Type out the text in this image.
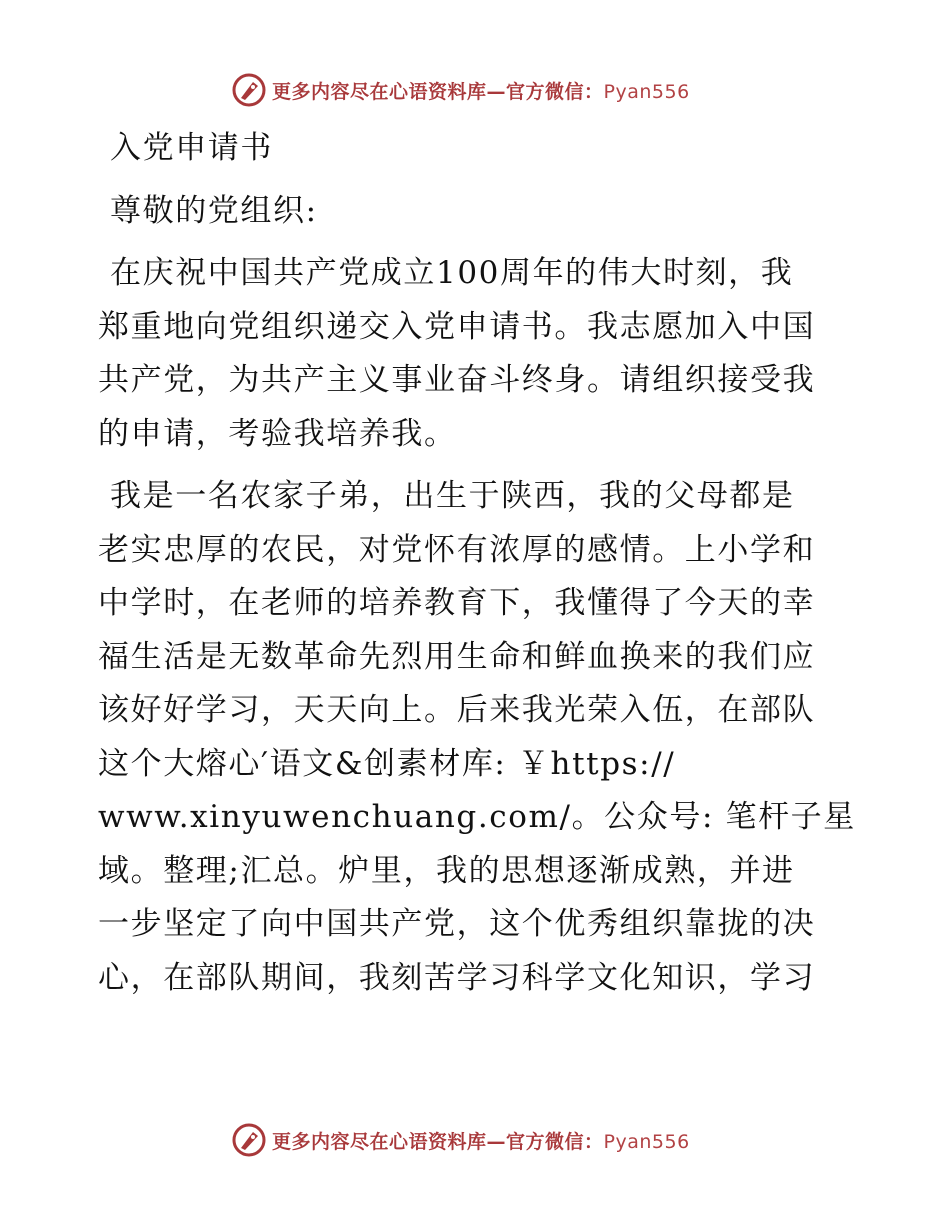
更多内容尽在心语资料库—官方微信：Pyan556
入党申请书
尊敬的党组织:
在庆祝中国共产党成立100周年的伟大时刻，我
郑重地向党组织递交入党申请书。我志愿加入中国
共产党，为共产主义事业奋斗终身。请组织接受我
的申请，考验我培养我。
我是一名农家子弟，出生于陕西，我的父母都是
老实忠厚的农民，对党怀有浓厚的感情。上小学和
中学时，在老师的培养教育下，我懂得了今天的幸
福生活是无数革命先烈用生命和鲜血换来的我们应
该好好学习，天天向上。后来我光荣入伍，在部队
这个大熔心′语文&创素材库: ￥https://
www.xinyuwenchuang.com/。公众号: 笔杆子星
域。整理;汇总。炉里，我的思想逐渐成熟，并进
一步坚定了向中国共产党，这个优秀组织靠拢的决
心，在部队期间，我刻苦学习科学文化知识，学习
更多内容尽在心语资料库—官方微信：Pyan556
